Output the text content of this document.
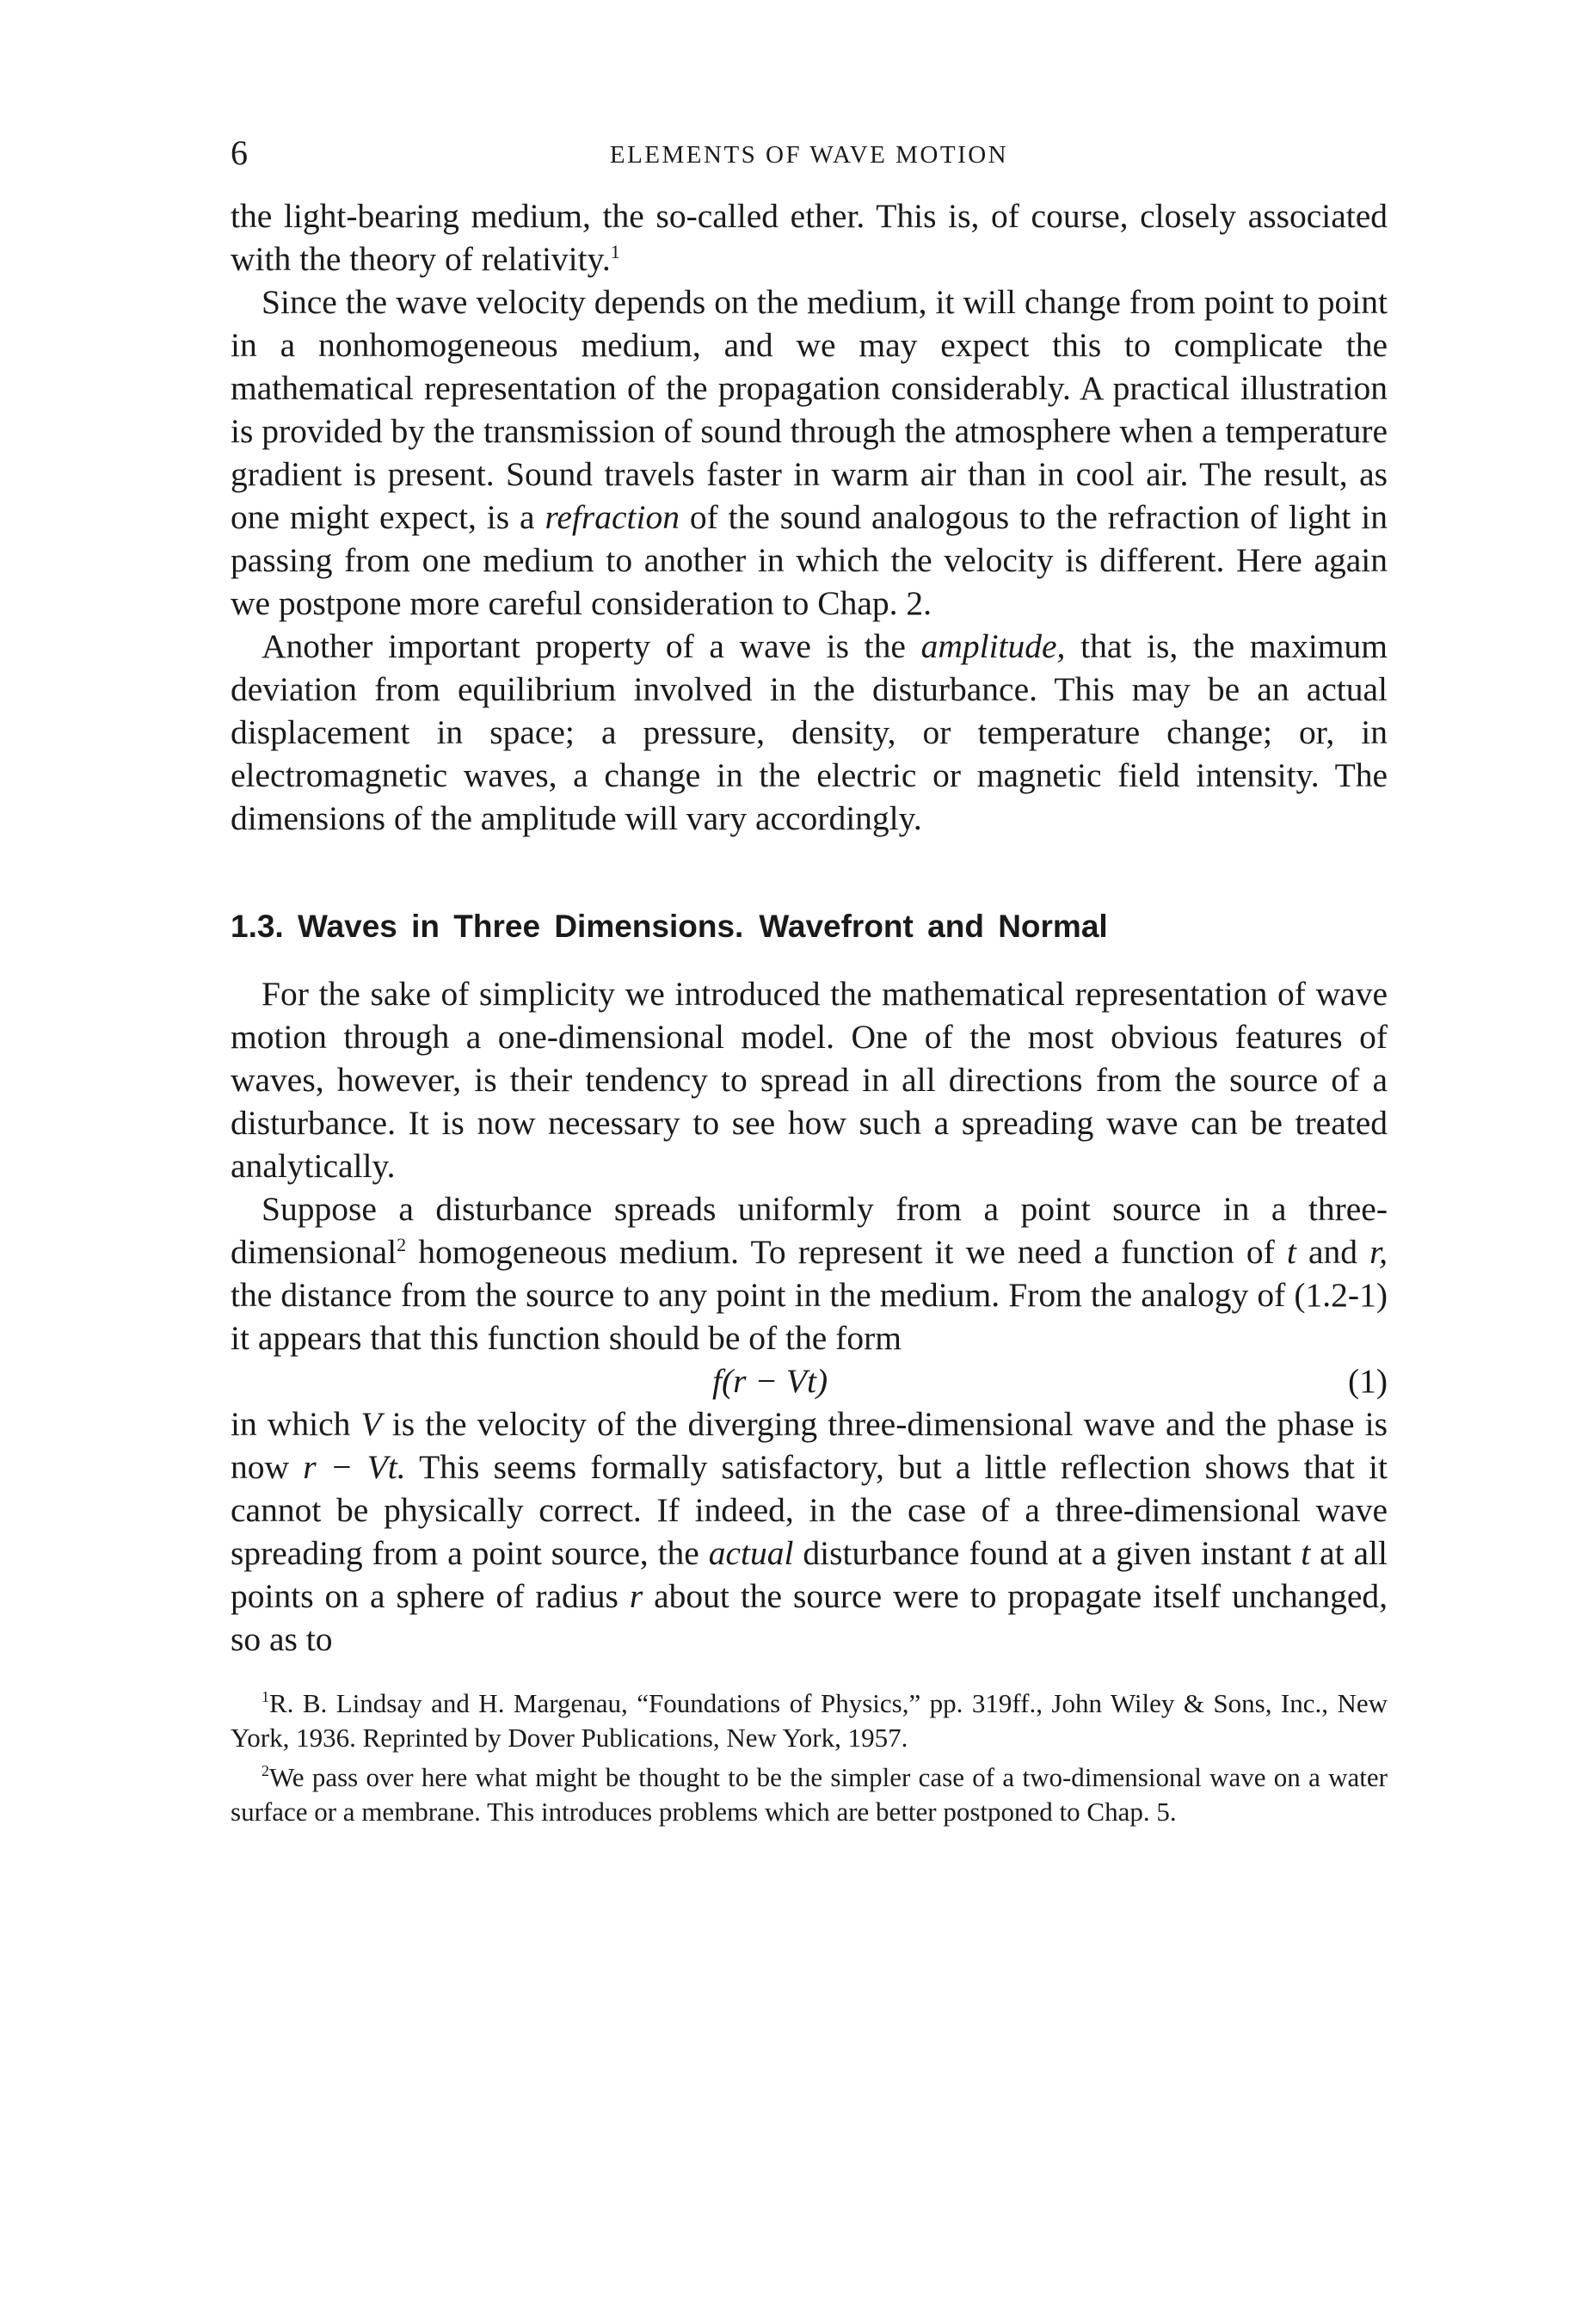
6	ELEMENTS OF WAVE MOTION

the light-bearing medium, the so-called ether. This is, of course, closely associated with the theory of relativity.$^1$

Since the wave velocity depends on the medium, it will change from point to point in a nonhomogeneous medium, and we may expect this to complicate the mathematical representation of the propagation considerably. A practical illustration is provided by the transmission of sound through the atmosphere when a temperature gradient is present. Sound travels faster in warm air than in cool air. The result, as one might expect, is a refraction of the sound analogous to the refraction of light in passing from one medium to another in which the velocity is different. Here again we postpone more careful consideration to Chap. 2.

Another important property of a wave is the amplitude, that is, the maximum deviation from equilibrium involved in the disturbance. This may be an actual displacement in space; a pressure, density, or temperature change; or, in electromagnetic waves, a change in the electric or magnetic field intensity. The dimensions of the amplitude will vary accordingly.

1.3. Waves in Three Dimensions. Wavefront and Normal

For the sake of simplicity we introduced the mathematical representation of wave motion through a one-dimensional model. One of the most obvious features of waves, however, is their tendency to spread in all directions from the source of a disturbance. It is now necessary to see how such a spreading wave can be treated analytically.

Suppose a disturbance spreads uniformly from a point source in a three-dimensional$^2$ homogeneous medium. To represent it we need a function of t and r, the distance from the source to any point in the medium. From the analogy of (1.2-1) it appears that this function should be of the form

f(r − Vt)	(1)

in which V is the velocity of the diverging three-dimensional wave and the phase is now r − Vt. This seems formally satisfactory, but a little reflection shows that it cannot be physically correct. If indeed, in the case of a three-dimensional wave spreading from a point source, the actual disturbance found at a given instant t at all points on a sphere of radius r about the source were to propagate itself unchanged, so as to

$^1$R. B. Lindsay and H. Margenau, “Foundations of Physics,” pp. 319ff., John Wiley & Sons, Inc., New York, 1936. Reprinted by Dover Publications, New York, 1957.

$^2$We pass over here what might be thought to be the simpler case of a two-dimensional wave on a water surface or a membrane. This introduces problems which are better postponed to Chap. 5.
